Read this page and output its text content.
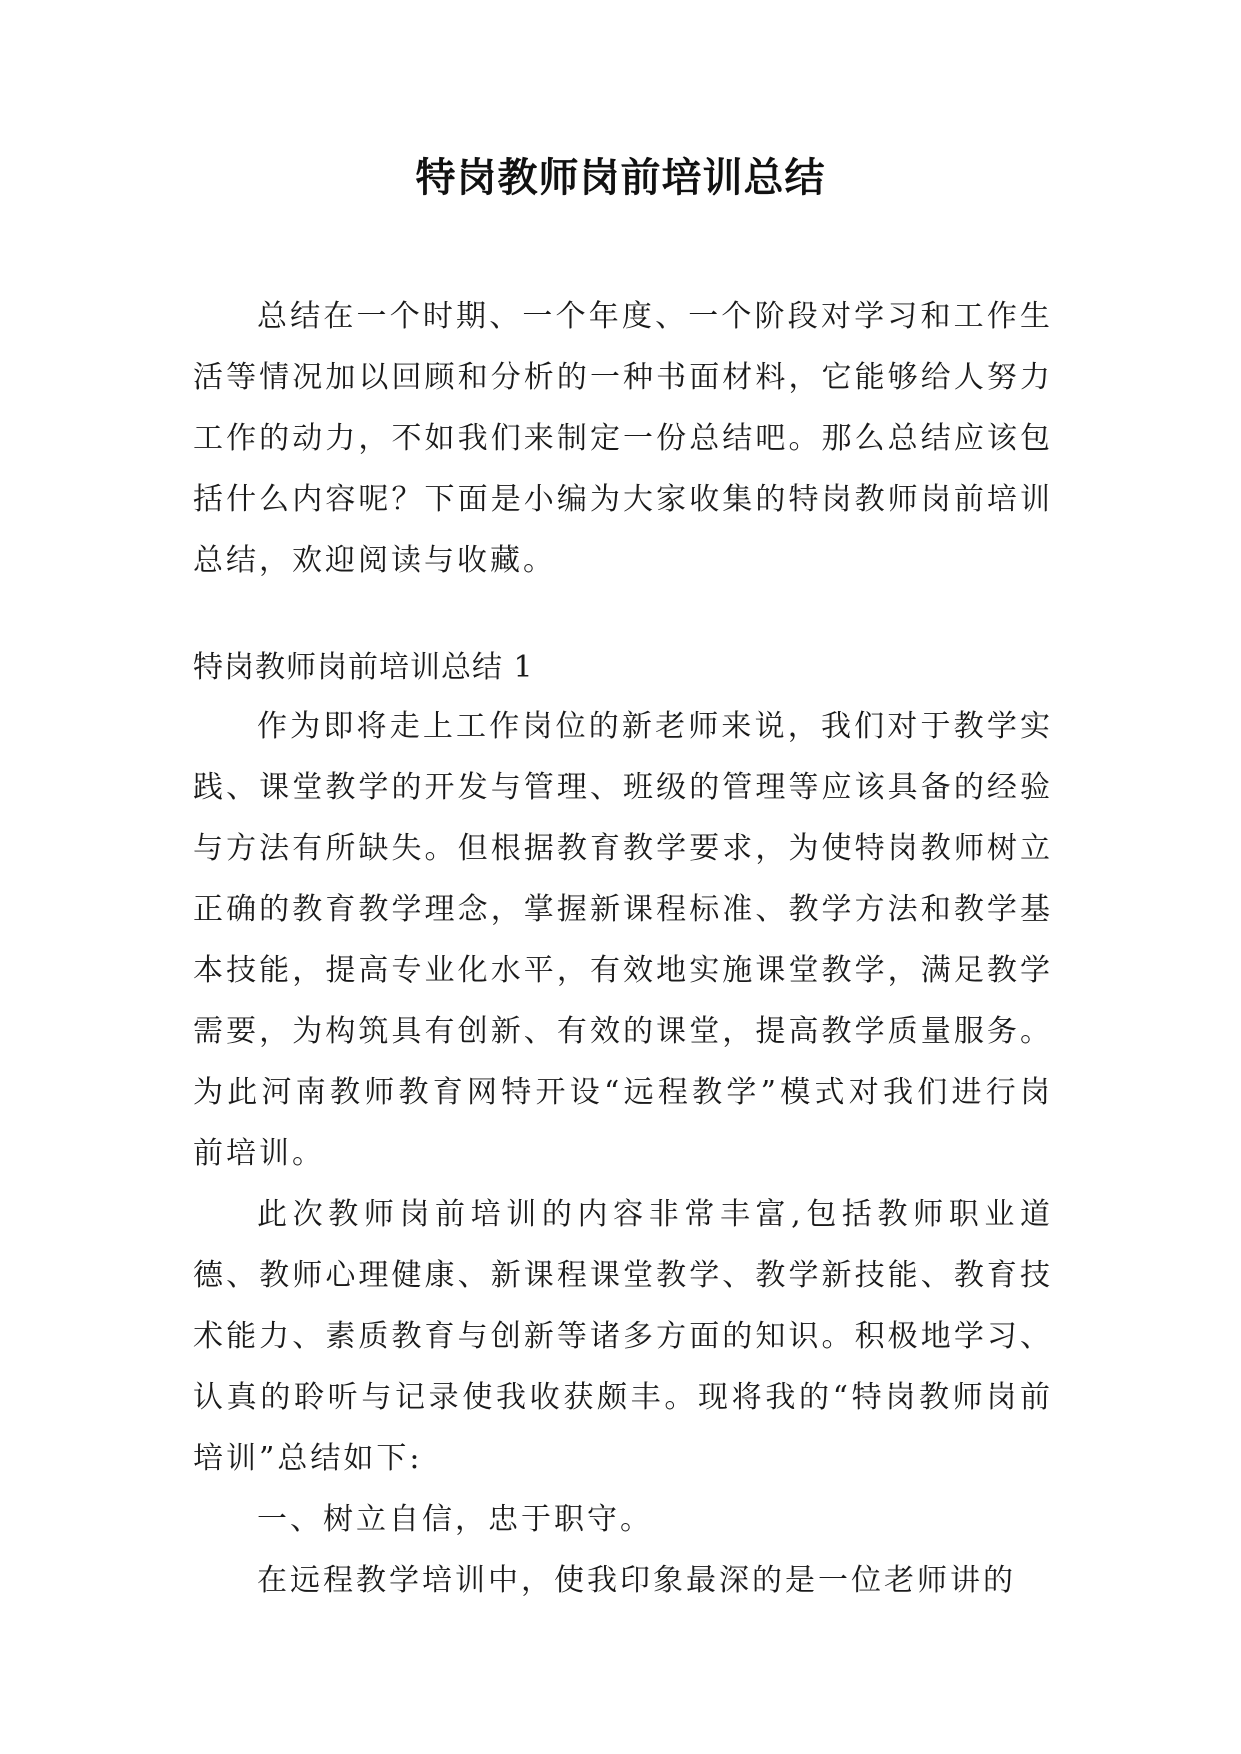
特岗教师岗前培训总结
总结在一个时期、一个年度、一个阶段对学习和工作生活等情况加以回顾和分析的一种书面材料，它能够给人努力工作的动力，不如我们来制定一份总结吧。那么总结应该包括什么内容呢？下面是小编为大家收集的特岗教师岗前培训总结，欢迎阅读与收藏。
特岗教师岗前培训总结 1

作为即将走上工作岗位的新老师来说，我们对于教学实践、课堂教学的开发与管理、班级的管理等应该具备的经验与方法有所缺失。但根据教育教学要求，为使特岗教师树立正确的教育教学理念，掌握新课程标准、教学方法和教学基本技能，提高专业化水平，有效地实施课堂教学，满足教学需要，为构筑具有创新、有效的课堂，提高教学质量服务。为此河南教师教育网特开设“远程教学”模式对我们进行岗前培训。

此次教师岗前培训的内容非常丰富,包括教师职业道德、教师心理健康、新课程课堂教学、教学新技能、教育技术能力、素质教育与创新等诸多方面的知识。积极地学习、认真的聆听与记录使我收获颇丰。现将我的“特岗教师岗前培训”总结如下:

一、树立自信，忠于职守。

在远程教学培训中，使我印象最深的是一位老师讲的
